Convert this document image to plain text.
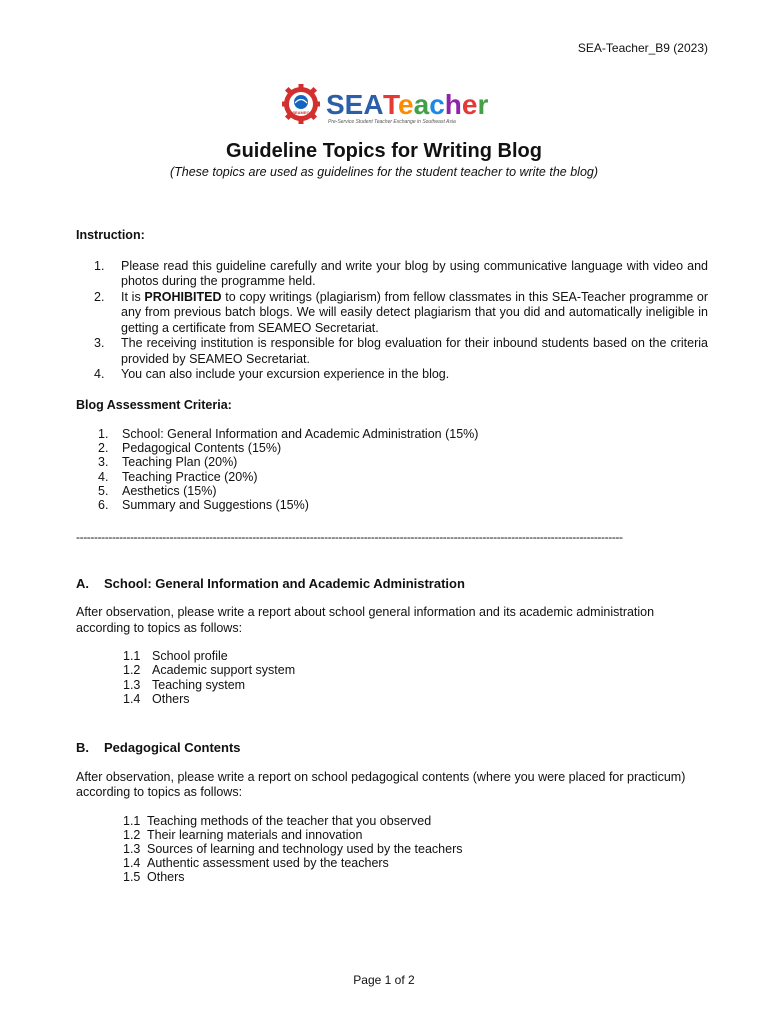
SEA-Teacher_B9 (2023)
SEAMEO SEA Teacher
Pre-Service Student Teacher Exchange in Southeast Asia
Guideline Topics for Writing Blog
(These topics are used as guidelines for the student teacher to write the blog)

Instruction:

1.	Please read this guideline carefully and write your blog by using communicative language with video and photos during the programme held.
2.	It is PROHIBITED to copy writings (plagiarism) from fellow classmates in this SEA-Teacher programme or any from previous batch blogs. We will easily detect plagiarism that you did and automatically ineligible in getting a certificate from SEAMEO Secretariat.
3.	The receiving institution is responsible for blog evaluation for their inbound students based on the criteria provided by SEAMEO Secretariat.
4.	You can also include your excursion experience in the blog.

Blog Assessment Criteria:

1.	School: General Information and Academic Administration (15%)
2.	Pedagogical Contents (15%)
3.	Teaching Plan (20%)
4.	Teaching Practice (20%)
5.	Aesthetics (15%)
6.	Summary and Suggestions (15%)
--------------------------------------------------------------------------------------------------------------------------------------------------------
A.	School: General Information and Academic Administration
After observation, please write a report about school general information and its academic administration according to topics as follows:
1.1 School profile
1.2 Academic support system
1.3 Teaching system
1.4 Others
B.	Pedagogical Contents
After observation, please write a report on school pedagogical contents (where you were placed for practicum) according to topics as follows:
1.1 Teaching methods of the teacher that you observed
1.2 Their learning materials and innovation
1.3 Sources of learning and technology used by the teachers
1.4 Authentic assessment used by the teachers
1.5 Others
Page 1 of 2
